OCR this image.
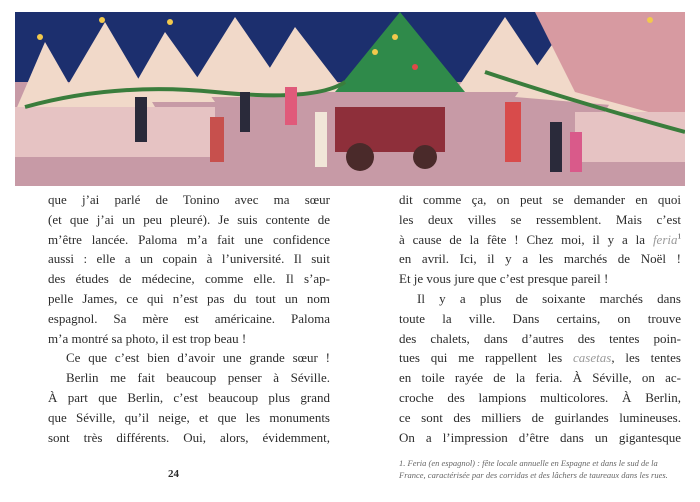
que j’ai parlé de Tonino avec ma sœur
(et que j’ai un peu pleuré). Je suis contente de
m’être lancée. Paloma m’a fait une confidence
aussi : elle a un copain à l’université. Il suit
des études de médecine, comme elle. Il s’ap-
pelle James, ce qui n’est pas du tout un nom
espagnol. Sa mère est américaine. Paloma
m’a montré sa photo, il est trop beau !
Ce que c’est bien d’avoir une grande sœur !
Berlin me fait beaucoup penser à Séville.
À part que Berlin, c’est beaucoup plus grand
que Séville, qu’il neige, et que les monuments
sont très différents. Oui, alors, évidemment,
dit comme ça, on peut se demander en quoi
les deux villes se ressemblent. Mais c’est
à cause de la fête ! Chez moi, il y a la feria$^1$
en avril. Ici, il y a les marchés de Noël !
Et je vous jure que c’est presque pareil !
Il y a plus de soixante marchés dans
toute la ville. Dans certains, on trouve
des chalets, dans d’autres des tentes poin-
tues qui me rappellent les casetas, les tentes
en toile rayée de la feria. À Séville, on ac-
croche des lampions multicolores. À Berlin,
ce sont des milliers de guirlandes lumineuses.
On a l’impression d’être dans un gigantesque
24
1. Feria (en espagnol) : fête locale annuelle en Espagne et dans le sud de la France, caractérisée par des corridas et des lâchers de taureaux dans les rues.
